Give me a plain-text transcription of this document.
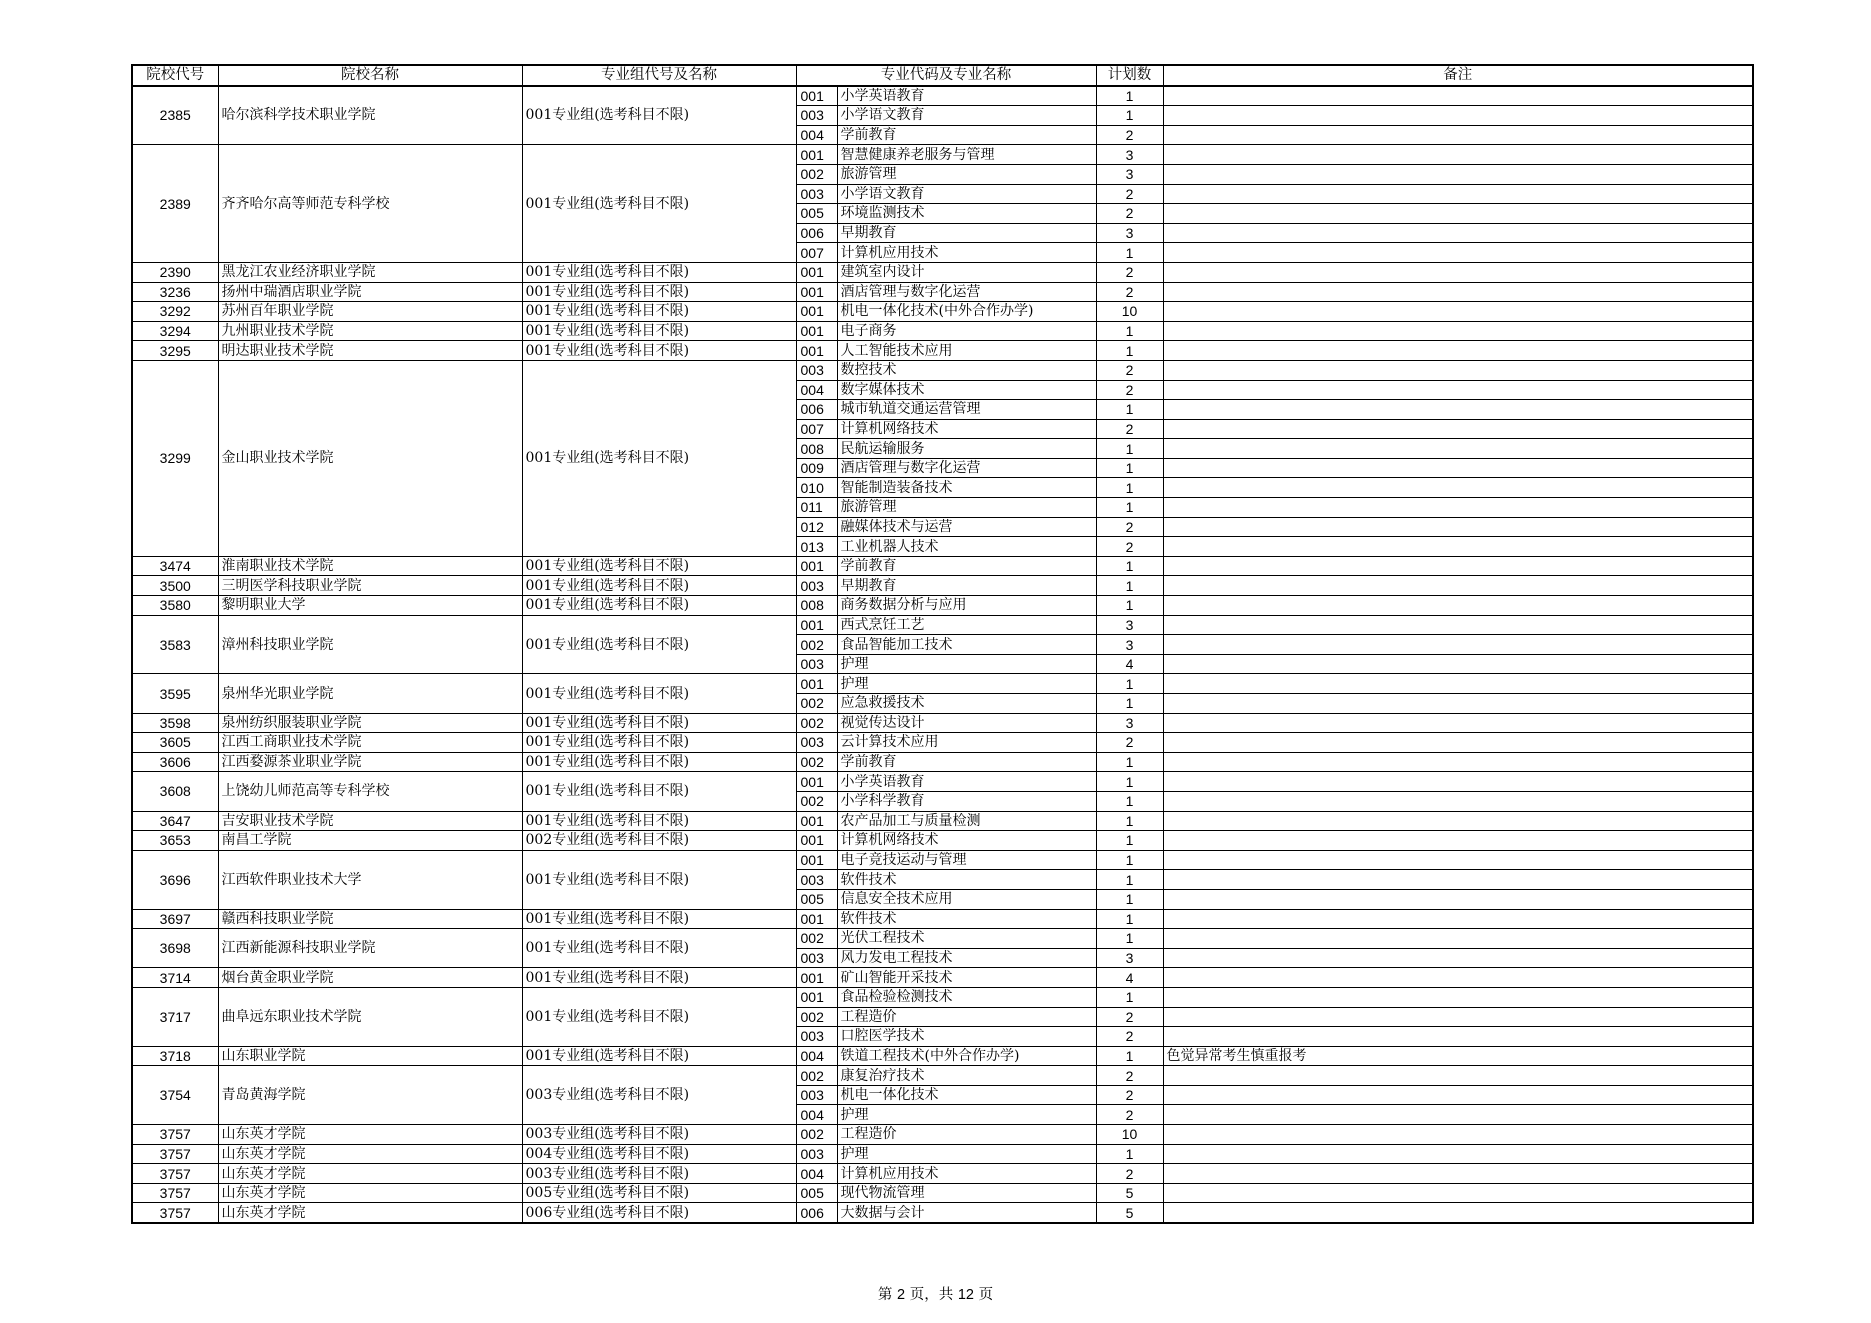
院校代号	院校名称	专业组代号及名称	专业代码及专业名称		计划数	备注
2385	哈尔滨科学技术职业学院	001专业组(选考科目不限)	001	小学英语教育	1	
			003	小学语文教育	1	
			004	学前教育	2	
2389	齐齐哈尔高等师范专科学校	001专业组(选考科目不限)	001	智慧健康养老服务与管理	3	
			002	旅游管理	3	
			003	小学语文教育	2	
			005	环境监测技术	2	
			006	早期教育	3	
			007	计算机应用技术	1	
2390	黑龙江农业经济职业学院	001专业组(选考科目不限)	001	建筑室内设计	2	
3236	扬州中瑞酒店职业学院	001专业组(选考科目不限)	001	酒店管理与数字化运营	2	
3292	苏州百年职业学院	001专业组(选考科目不限)	001	机电一体化技术(中外合作办学)	10	
3294	九州职业技术学院	001专业组(选考科目不限)	001	电子商务	1	
3295	明达职业技术学院	001专业组(选考科目不限)	001	人工智能技术应用	1	
3299	金山职业技术学院	001专业组(选考科目不限)	003	数控技术	2	
			004	数字媒体技术	2	
			006	城市轨道交通运营管理	1	
			007	计算机网络技术	2	
			008	民航运输服务	1	
			009	酒店管理与数字化运营	1	
			010	智能制造装备技术	1	
			011	旅游管理	1	
			012	融媒体技术与运营	2	
			013	工业机器人技术	2	
3474	淮南职业技术学院	001专业组(选考科目不限)	001	学前教育	1	
3500	三明医学科技职业学院	001专业组(选考科目不限)	003	早期教育	1	
3580	黎明职业大学	001专业组(选考科目不限)	008	商务数据分析与应用	1	
3583	漳州科技职业学院	001专业组(选考科目不限)	001	西式烹饪工艺	3	
			002	食品智能加工技术	3	
			003	护理	4	
3595	泉州华光职业学院	001专业组(选考科目不限)	001	护理	1	
			002	应急救援技术	1	
3598	泉州纺织服装职业学院	001专业组(选考科目不限)	002	视觉传达设计	3	
3605	江西工商职业技术学院	001专业组(选考科目不限)	003	云计算技术应用	2	
3606	江西婺源茶业职业学院	001专业组(选考科目不限)	002	学前教育	1	
3608	上饶幼儿师范高等专科学校	001专业组(选考科目不限)	001	小学英语教育	1	
			002	小学科学教育	1	
3647	吉安职业技术学院	001专业组(选考科目不限)	001	农产品加工与质量检测	1	
3653	南昌工学院	002专业组(选考科目不限)	001	计算机网络技术	1	
3696	江西软件职业技术大学	001专业组(选考科目不限)	001	电子竞技运动与管理	1	
			003	软件技术	1	
			005	信息安全技术应用	1	
3697	赣西科技职业学院	001专业组(选考科目不限)	001	软件技术	1	
3698	江西新能源科技职业学院	001专业组(选考科目不限)	002	光伏工程技术	1	
			003	风力发电工程技术	3	
3714	烟台黄金职业学院	001专业组(选考科目不限)	001	矿山智能开采技术	4	
3717	曲阜远东职业技术学院	001专业组(选考科目不限)	001	食品检验检测技术	1	
			002	工程造价	2	
			003	口腔医学技术	2	
3718	山东职业学院	001专业组(选考科目不限)	004	铁道工程技术(中外合作办学)	1	色觉异常考生慎重报考
3754	青岛黄海学院	003专业组(选考科目不限)	002	康复治疗技术	2	
			003	机电一体化技术	2	
			004	护理	2	
3757	山东英才学院	003专业组(选考科目不限)	002	工程造价	10	
3757	山东英才学院	004专业组(选考科目不限)	003	护理	1	
3757	山东英才学院	003专业组(选考科目不限)	004	计算机应用技术	2	
3757	山东英才学院	005专业组(选考科目不限)	005	现代物流管理	5	
3757	山东英才学院	006专业组(选考科目不限)	006	大数据与会计	5	
第 2 页，共 12 页
